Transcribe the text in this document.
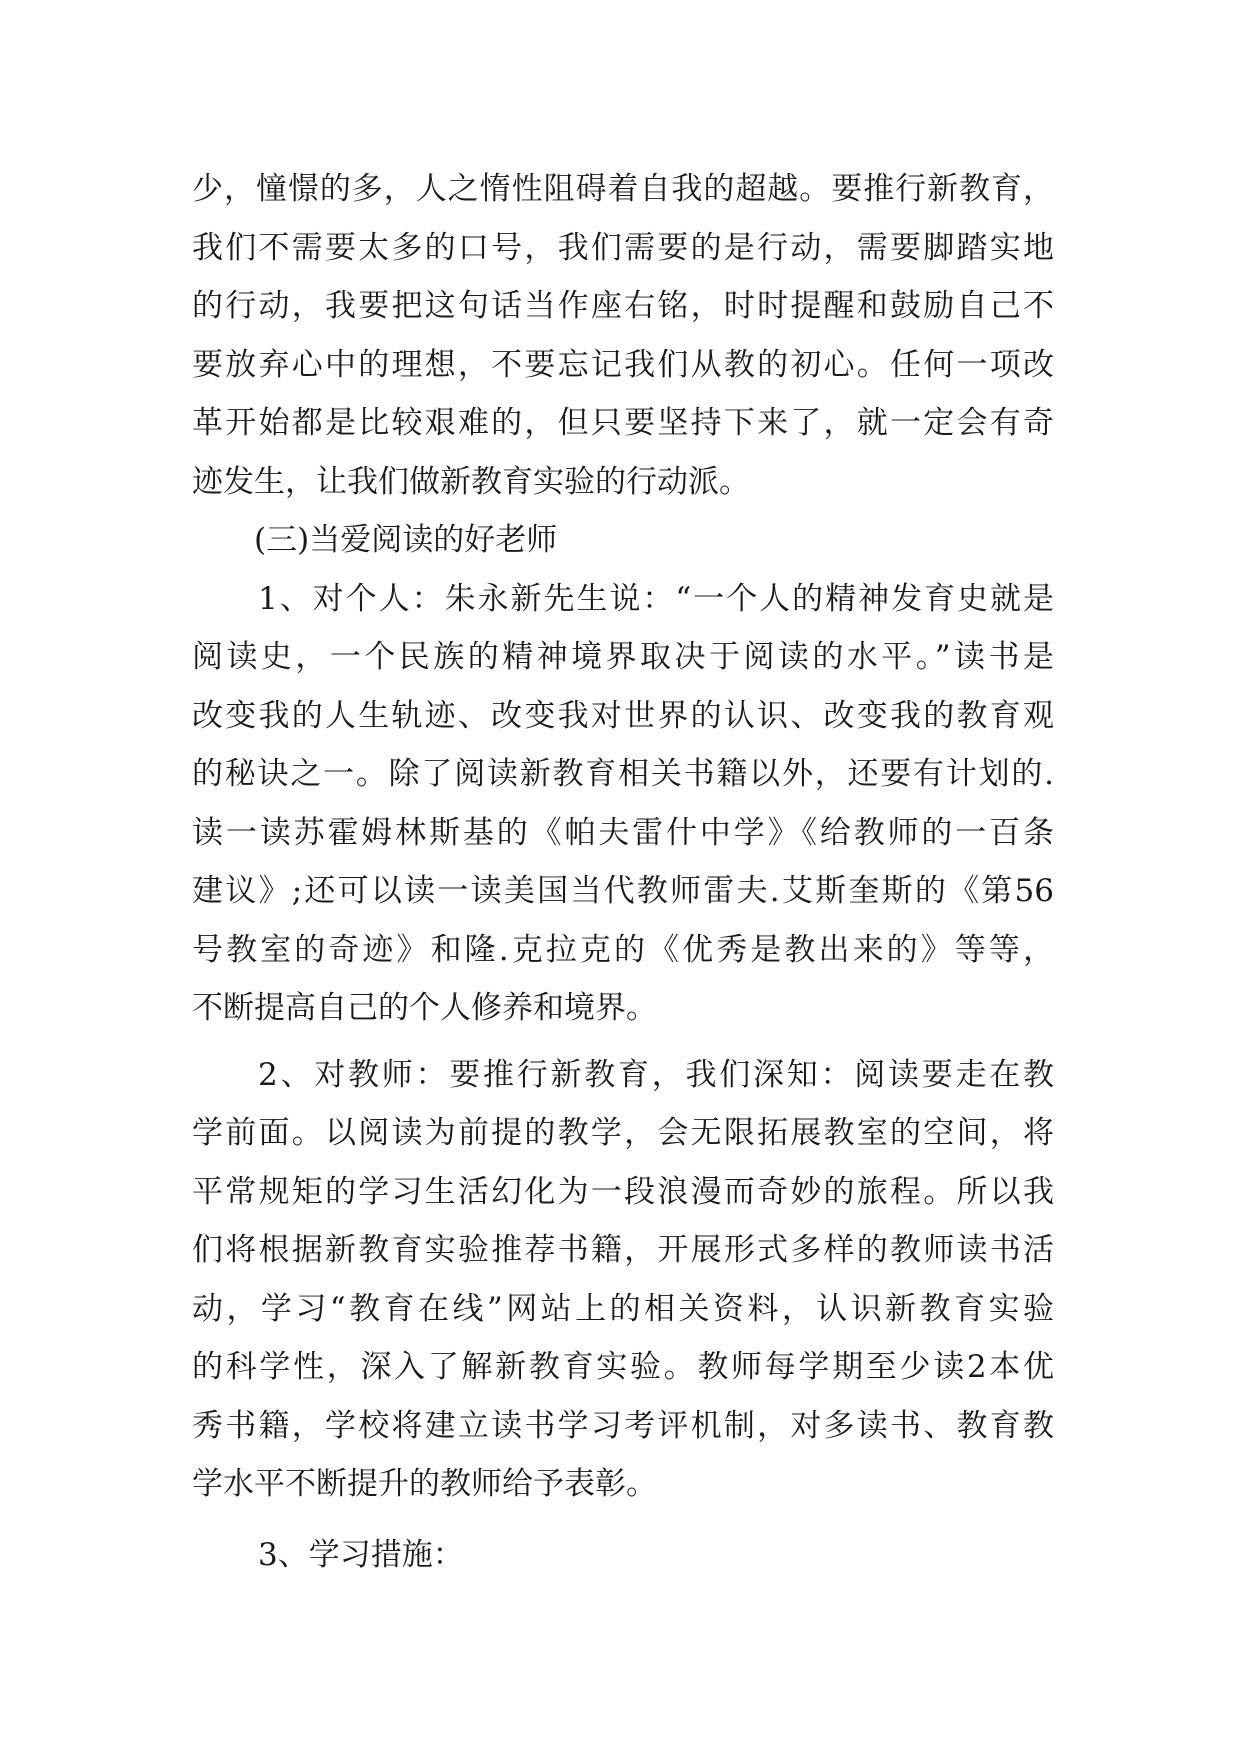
少，憧憬的多，人之惰性阻碍着自我的超越。要推行新教育，
我们不需要太多的口号，我们需要的是行动，需要脚踏实地
的行动，我要把这句话当作座右铭，时时提醒和鼓励自己不
要放弃心中的理想，不要忘记我们从教的初心。任何一项改
革开始都是比较艰难的，但只要坚持下来了，就一定会有奇
迹发生，让我们做新教育实验的行动派。
(三)当爱阅读的好老师
1、对个人：朱永新先生说：“一个人的精神发育史就是
阅读史，一个民族的精神境界取决于阅读的水平。”读书是
改变我的人生轨迹、改变我对世界的认识、改变我的教育观
的秘诀之一。除了阅读新教育相关书籍以外，还要有计划的.
读一读苏霍姆林斯基的《帕夫雷什中学》《给教师的一百条
建议》;还可以读一读美国当代教师雷夫.艾斯奎斯的《第56
号教室的奇迹》和隆.克拉克的《优秀是教出来的》等等，
不断提高自己的个人修养和境界。
2、对教师：要推行新教育，我们深知：阅读要走在教
学前面。以阅读为前提的教学，会无限拓展教室的空间，将
平常规矩的学习生活幻化为一段浪漫而奇妙的旅程。所以我
们将根据新教育实验推荐书籍，开展形式多样的教师读书活
动，学习“教育在线”网站上的相关资料，认识新教育实验
的科学性，深入了解新教育实验。教师每学期至少读2本优
秀书籍，学校将建立读书学习考评机制，对多读书、教育教
学水平不断提升的教师给予表彰。
3、学习措施：
